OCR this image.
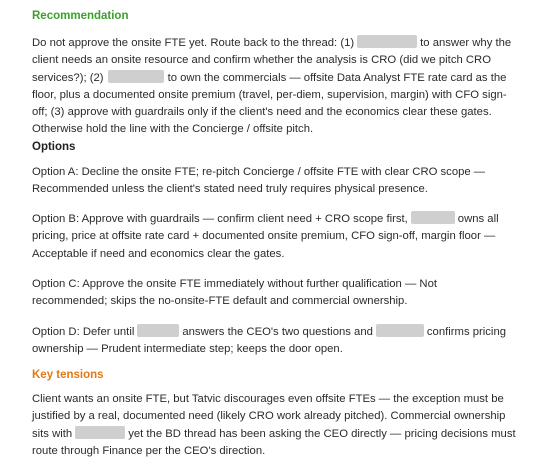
Recommendation
Do not approve the onsite FTE yet. Route back to the thread: (1)	to answer why the
client needs an onsite resource and confirm whether the analysis is CRO (did we pitch CRO
services?); (2)	to own the commercials — offsite Data Analyst FTE rate card as the
floor, plus a documented onsite premium (travel, per-diem, supervision, margin) with CFO sign-
off; (3) approve with guardrails only if the client's need and the economics clear these gates.
Otherwise hold the line with the Concierge / offsite pitch.
Options
Option A: Decline the onsite FTE; re-pitch Concierge / offsite FTE with clear CRO scope —
Recommended unless the client's stated need truly requires physical presence.
Option B: Approve with guardrails — confirm client need + CRO scope first,	owns all
pricing, price at offsite rate card + documented onsite premium, CFO sign-off, margin floor —
Acceptable if need and economics clear the gates.
Option C: Approve the onsite FTE immediately without further qualification — Not
recommended; skips the no-onsite-FTE default and commercial ownership.
Option D: Defer until	answers the CEO's two questions and	confirms pricing
ownership — Prudent intermediate step; keeps the door open.
Key tensions
Client wants an onsite FTE, but Tatvic discourages even offsite FTEs — the exception must be
justified by a real, documented need (likely CRO work already pitched). Commercial ownership
sits with	yet the BD thread has been asking the CEO directly — pricing decisions must
route through Finance per the CEO's direction.
